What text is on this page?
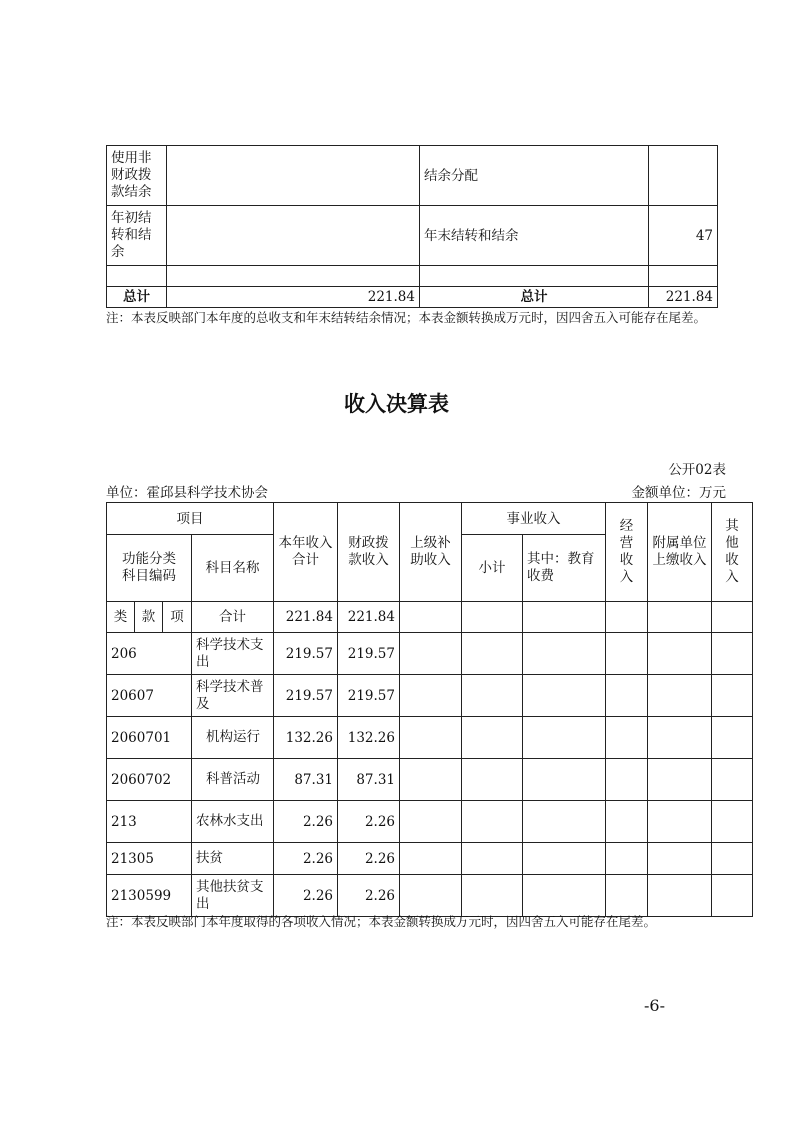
使用非财政拨款结余		结余分配	
年初结转和结余		年末结转和结余	47

总计	221.84	总计	221.84
注：本表反映部门本年度的总收支和年末结转结余情况；本表金额转换成万元时，因四舍五入可能存在尾差。
收入决算表
公开02表
单位：霍邱县科学技术协会	金额单位：万元
项目				本年收入合计	财政拨款收入	上级补助收入	事业收入		经营收入	附属单位上缴收入	其他收入
功能分类科目编码			科目名称				小计	其中：教育收费			

类	款	项	合计	221.84	221.84						
206			科学技术支出	219.57	219.57						
20607			科学技术普及	219.57	219.57						
2060701			机构运行	132.26	132.26						
2060702			科普活动	87.31	87.31						
213			农林水支出	2.26	2.26						
21305			扶贫	2.26	2.26						
2130599			其他扶贫支出	2.26	2.26						
注：本表反映部门本年度取得的各项收入情况；本表金额转换成万元时，因四舍五入可能存在尾差。
-6-
